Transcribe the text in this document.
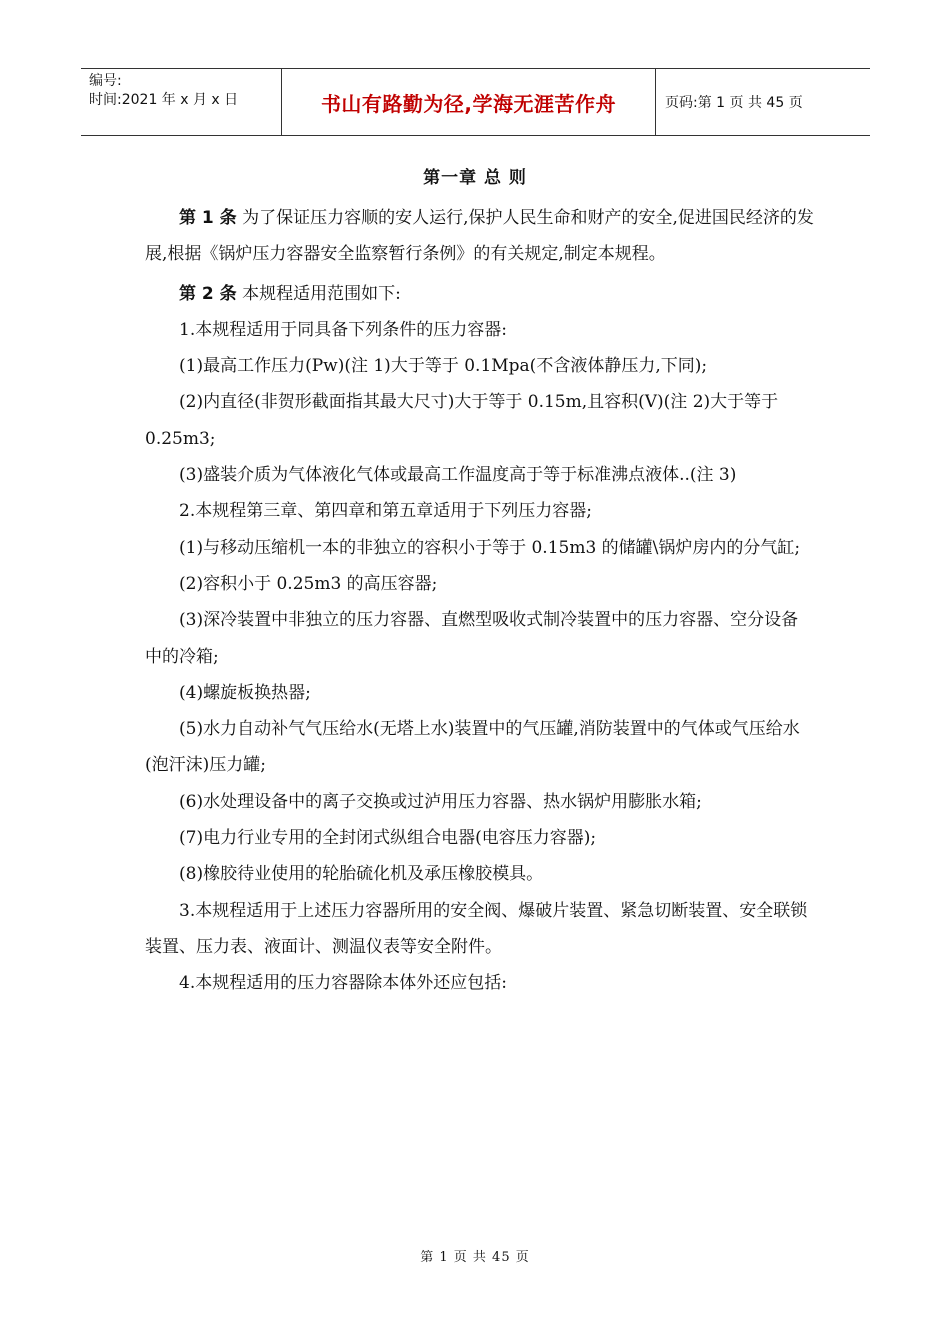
编号:
时间:2021 年 x 月 x 日	书山有路勤为径,学海无涯苦作舟	页码:第 1 页 共 45 页
第一章 总 则

第 1 条 为了保证压力容顺的安人运行,保护人民生命和财产的安全,促进国民经济的发展,根据《锅炉压力容器安全监察暂行条例》的有关规定,制定本规程。

第 2 条 本规程适用范围如下:

1.本规程适用于同具备下列条件的压力容器:

(1)最高工作压力(Pw)(注 1)大于等于 0.1Mpa(不含液体静压力,下同);

(2)内直径(非贺形截面指其最大尺寸)大于等于 0.15m,且容积(V)(注 2)大于等于 0.25m3;

(3)盛装介质为气体液化气体或最高工作温度高于等于标准沸点液体..(注 3)

2.本规程第三章、第四章和第五章适用于下列压力容器;

(1)与移动压缩机一本的非独立的容积小于等于 0.15m3 的储罐\锅炉房内的分气缸;

(2)容积小于 0.25m3 的高压容器;

(3)深冷装置中非独立的压力容器、直燃型吸收式制冷装置中的压力容器、空分设备中的冷箱;

(4)螺旋板换热器;

(5)水力自动补气气压给水(无塔上水)装置中的气压罐,消防装置中的气体或气压给水(泡汗沫)压力罐;

(6)水处理设备中的离子交换或过泸用压力容器、热水锅炉用膨胀水箱;

(7)电力行业专用的全封闭式纵组合电器(电容压力容器);

(8)橡胶待业使用的轮胎硫化机及承压橡胶模具。

3.本规程适用于上述压力容器所用的安全阀、爆破片装置、紧急切断装置、安全联锁装置、压力表、液面计、测温仪表等安全附件。

4.本规程适用的压力容器除本体外还应包括:

第 1 页 共 45 页
